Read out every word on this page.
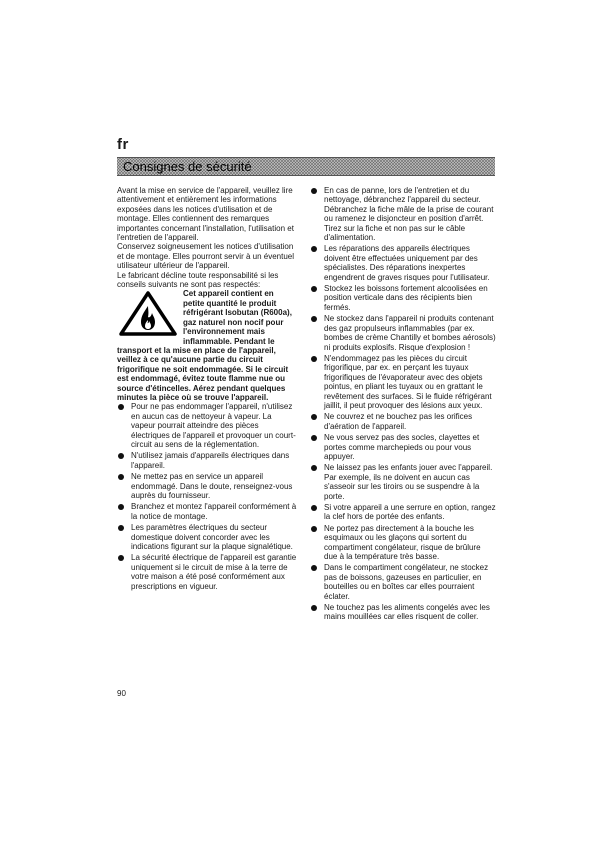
fr
Consignes de sécurité

Avant la mise en service de l'appareil, veuillez lire attentivement et entièrement les informations exposées dans les notices d'utilisation et de montage. Elles contiennent des remarques importantes concernant l'installation, l'utilisation et l'entretien de l'appareil.

Conservez soigneusement les notices d'utilisation et de montage. Elles pourront servir à un éventuel utilisateur ultérieur de l'appareil.

Le fabricant décline toute responsabilité si les conseils suivants ne sont pas respectés:

Cet appareil contient en petite quantité le produit réfrigérant Isobutan (R600a), gaz naturel non nocif pour l'environnement mais inflammable. Pendant le transport et la mise en place de l'appareil, veillez à ce qu'aucune partie du circuit frigorifique ne soit endommagée. Si le circuit est endommagé, évitez toute flamme nue ou source d'étincelles. Aérez pendant quelques minutes la pièce où se trouve l'appareil.

Pour ne pas endommager l'appareil, n'utilisez en aucun cas de nettoyeur à vapeur. La vapeur pourrait atteindre des pièces électriques de l'appareil et provoquer un court-circuit au sens de la réglementation.
N'utilisez jamais d'appareils électriques dans l'appareil.
Ne mettez pas en service un appareil endommagé. Dans le doute, renseignez-vous auprès du fournisseur.
Branchez et montez l'appareil conformément à la notice de montage.
Les paramètres électriques du secteur domestique doivent concorder avec les indications figurant sur la plaque signalétique.
La sécurité électrique de l'appareil est garantie uniquement si le circuit de mise à la terre de votre maison a été posé conformément aux prescriptions en vigueur.
En cas de panne, lors de l'entretien et du nettoyage, débranchez l'appareil du secteur. Débranchez la fiche mâle de la prise de courant ou ramenez le disjoncteur en position d'arrêt. Tirez sur la fiche et non pas sur le câble d'alimentation.
Les réparations des appareils électriques doivent être effectuées uniquement par des spécialistes. Des réparations inexpertes engendrent de graves risques pour l'utilisateur.
Stockez les boissons fortement alcoolisées en position verticale dans des récipients bien fermés.
Ne stockez dans l'appareil ni produits contenant des gaz propulseurs inflammables (par ex. bombes de crème Chantilly et bombes aérosols) ni produits explosifs. Risque d'explosion !
N'endommagez pas les pièces du circuit frigorifique, par ex. en perçant les tuyaux frigorifiques de l'évaporateur avec des objets pointus, en pliant les tuyaux ou en grattant le revêtement des surfaces. Si le fluide réfrigérant jaillit, il peut provoquer des lésions aux yeux.
Ne couvrez et ne bouchez pas les orifices d'aération de l'appareil.
Ne vous servez pas des socles, clayettes et portes comme marchepieds ou pour vous appuyer.
Ne laissez pas les enfants jouer avec l'appareil. Par exemple, ils ne doivent en aucun cas s'asseoir sur les tiroirs ou se suspendre à la porte.
Si votre appareil a une serrure en option, rangez la clef hors de portée des enfants.
Ne portez pas directement à la bouche les esquimaux ou les glaçons qui sortent du compartiment congélateur, risque de brûlure due à la température très basse.
Dans le compartiment congélateur, ne stockez pas de boissons, gazeuses en particulier, en bouteilles ou en boîtes car elles pourraient éclater.
Ne touchez pas les aliments congelés avec les mains mouillées car elles risquent de coller.
90
